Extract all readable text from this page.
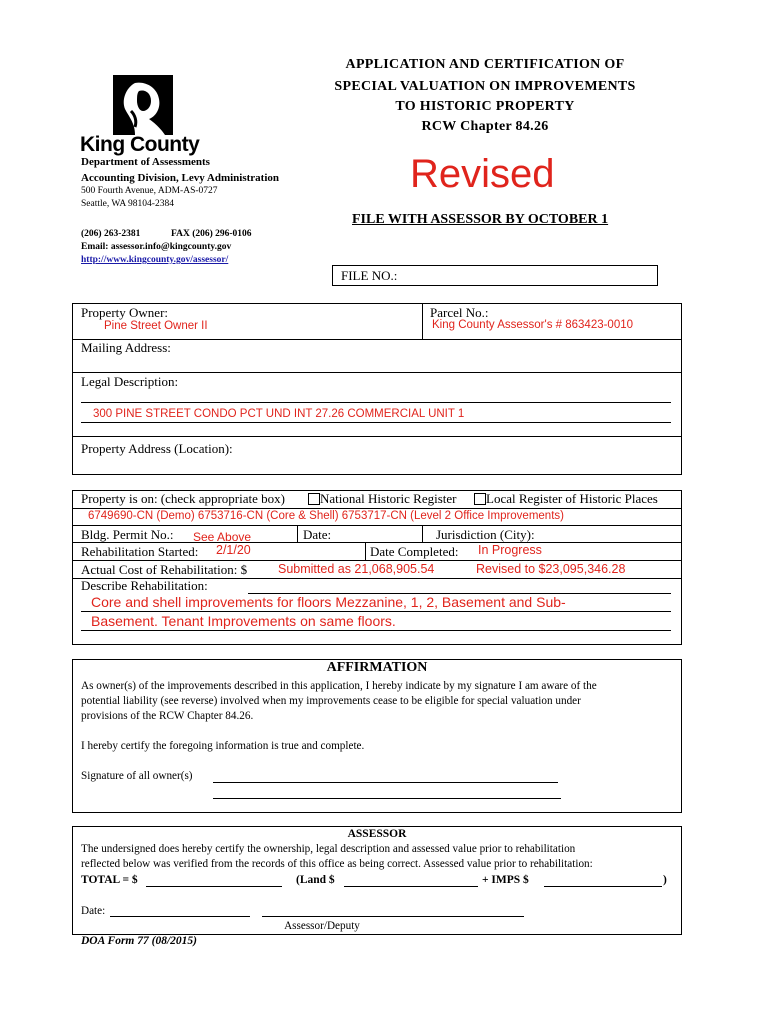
APPLICATION AND CERTIFICATION OF
SPECIAL VALUATION ON IMPROVEMENTS
TO HISTORIC PROPERTY
RCW Chapter 84.26
King County
Department of Assessments
Accounting Division, Levy Administration
500 Fourth Avenue, ADM-AS-0727
Seattle, WA 98104-2384
(206) 263-2381	FAX (206) 296-0106
Email: assessor.info@kingcounty.gov
http://www.kingcounty.gov/assessor/
Revised
FILE WITH ASSESSOR BY OCTOBER 1
FILE NO.:
Property Owner:
Pine Street Owner II
Parcel No.:
King County Assessor's # 863423-0010
Mailing Address:
Legal Description:
300 PINE STREET CONDO PCT UND INT 27.26 COMMERCIAL UNIT 1
Property Address (Location):
Property is on: (check appropriate box)	National Historic Register Local Register of Historic Places
6749690-CN (Demo) 6753716-CN (Core & Shell) 6753717-CN (Level 2 Office Improvements)
Bldg. Permit No.: See Above	Date:	Jurisdiction (City):
Rehabilitation Started: 2/1/20	Date Completed: In Progress
Actual Cost of Rehabilitation: $ Submitted as 21,068,905.54	Revised to $23,095,346.28
Describe Rehabilitation:
Core and shell improvements for floors Mezzanine, 1, 2, Basement and Sub-
Basement. Tenant Improvements on same floors.
AFFIRMATION
As owner(s) of the improvements described in this application, I hereby indicate by my signature I am aware of the
potential liability (see reverse) involved when my improvements cease to be eligible for special valuation under
provisions of the RCW Chapter 84.26.
I hereby certify the foregoing information is true and complete.
Signature of all owner(s)
ASSESSOR
The undersigned does hereby certify the ownership, legal description and assessed value prior to rehabilitation
reflected below was verified from the records of this office as being correct. Assessed value prior to rehabilitation:
TOTAL = $	(Land $	+ IMPS $	)
Date:
Assessor/Deputy
DOA Form 77 (08/2015)
